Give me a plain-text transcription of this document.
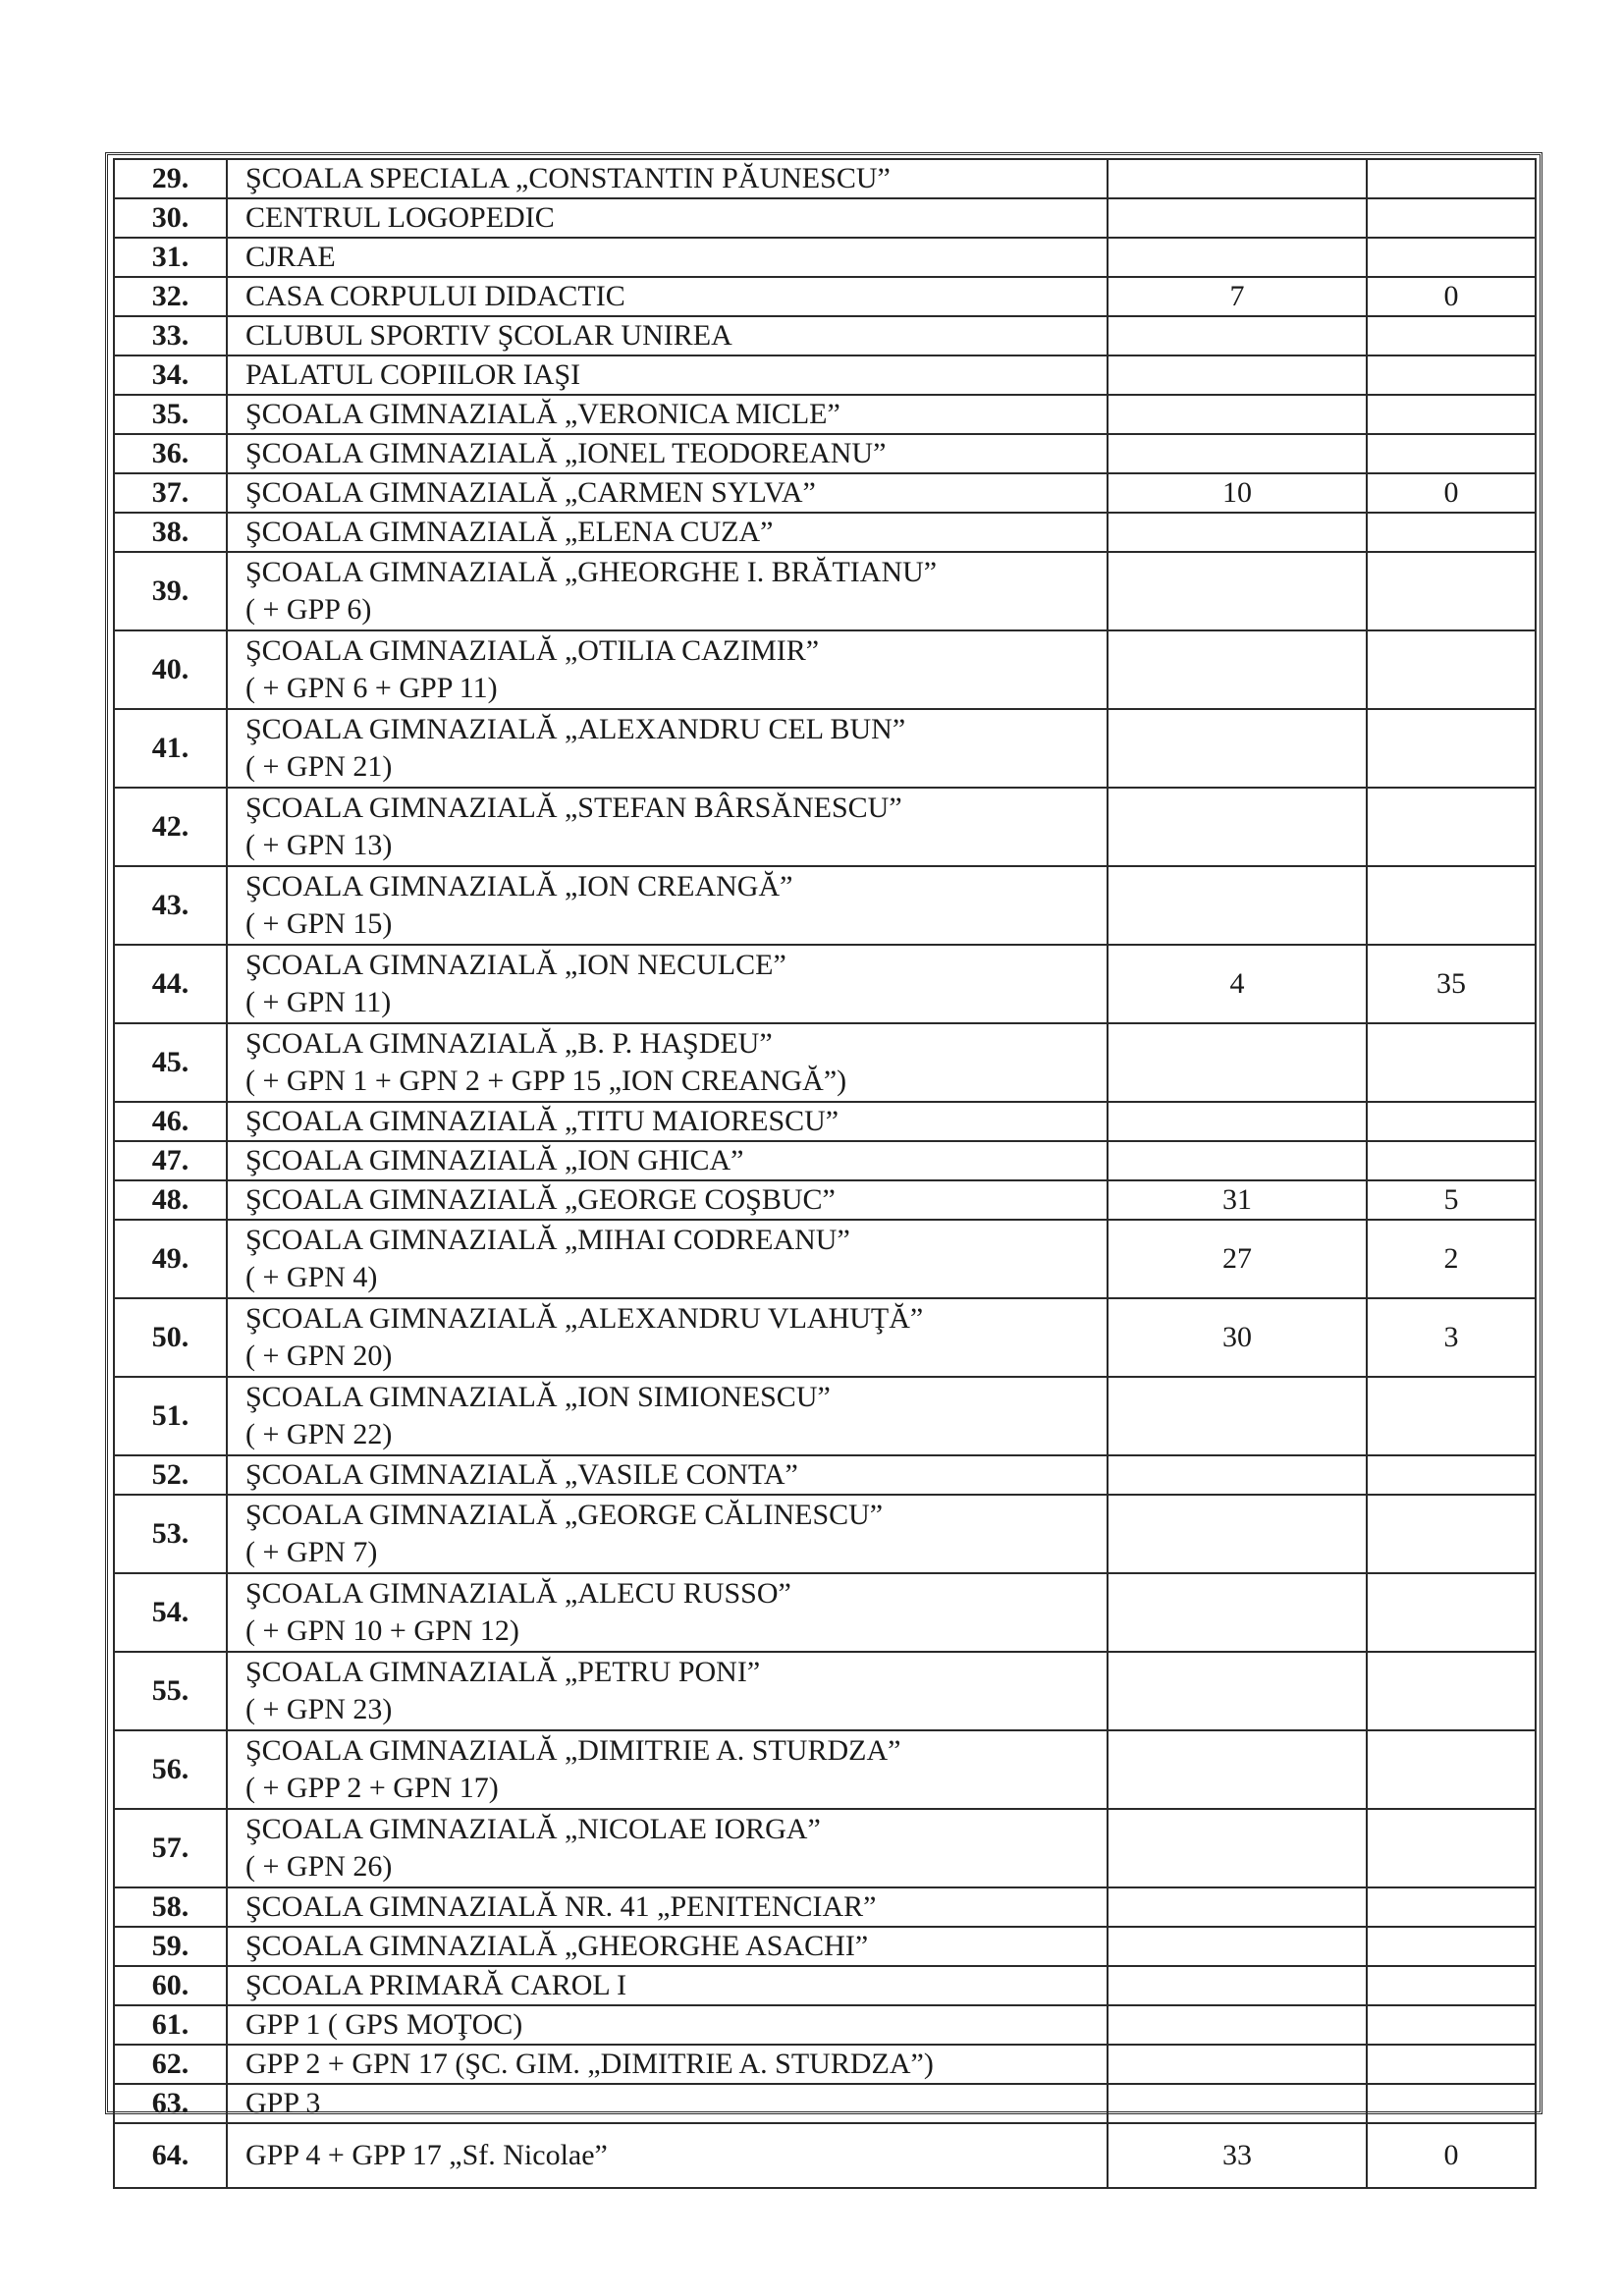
29.	ŞCOALA SPECIALA „CONSTANTIN PĂUNESCU”		

30.	CENTRUL LOGOPEDIC		

31.	CJRAE		

32.	CASA CORPULUI DIDACTIC	7	0
33.	CLUBUL SPORTIV ŞCOLAR UNIREA		

34.	PALATUL COPIILOR IAŞI		

35.	ŞCOALA GIMNAZIALĂ „VERONICA MICLE”		

36.	ŞCOALA GIMNAZIALĂ „IONEL TEODOREANU”		

37.	ŞCOALA GIMNAZIALĂ „CARMEN SYLVA”	10	0
38.	ŞCOALA GIMNAZIALĂ „ELENA CUZA”		

39.	ŞCOALA GIMNAZIALĂ „GHEORGHE I. BRĂTIANU”
( + GPP 6)		

40.	ŞCOALA GIMNAZIALĂ „OTILIA CAZIMIR”
( + GPN 6 + GPP 11)		

41.	ŞCOALA GIMNAZIALĂ „ALEXANDRU CEL BUN”
( + GPN 21)		

42.	ŞCOALA GIMNAZIALĂ „STEFAN BÂRSĂNESCU”
( + GPN 13)		

43.	ŞCOALA GIMNAZIALĂ „ION CREANGĂ”
( + GPN 15)		

44.	ŞCOALA GIMNAZIALĂ „ION NECULCE”
( + GPN 11)	4	35
45.	ŞCOALA GIMNAZIALĂ „B. P. HAŞDEU”
( + GPN 1 + GPN 2 + GPP 15 „ION CREANGĂ”)		

46.	ŞCOALA GIMNAZIALĂ „TITU MAIORESCU”		

47.	ŞCOALA GIMNAZIALĂ „ION GHICA”		

48.	ŞCOALA GIMNAZIALĂ „GEORGE COŞBUC”	31	5
49.	ŞCOALA GIMNAZIALĂ „MIHAI CODREANU”
( + GPN 4)	27	2
50.	ŞCOALA GIMNAZIALĂ „ALEXANDRU VLAHUŢĂ”
( + GPN 20)	30	3
51.	ŞCOALA GIMNAZIALĂ „ION SIMIONESCU”
( + GPN 22)		

52.	ŞCOALA GIMNAZIALĂ „VASILE CONTA”		

53.	ŞCOALA GIMNAZIALĂ „GEORGE CĂLINESCU”
( + GPN 7)		

54.	ŞCOALA GIMNAZIALĂ „ALECU RUSSO”
( + GPN 10 + GPN 12)		

55.	ŞCOALA GIMNAZIALĂ „PETRU PONI”
( + GPN 23)		

56.	ŞCOALA GIMNAZIALĂ „DIMITRIE A. STURDZA”
( + GPP 2 + GPN 17)		

57.	ŞCOALA GIMNAZIALĂ „NICOLAE IORGA”
( + GPN 26)		

58.	ŞCOALA GIMNAZIALĂ NR. 41 „PENITENCIAR”		

59.	ŞCOALA GIMNAZIALĂ „GHEORGHE ASACHI”		

60.	ŞCOALA PRIMARĂ CAROL I		

61.	GPP 1 ( GPS MOŢOC)		

62.	GPP 2 + GPN 17 (ŞC. GIM. „DIMITRIE A. STURDZA”)		

63.	GPP 3		

64.	GPP 4 + GPP 17 „Sf. Nicolae”	33	0
